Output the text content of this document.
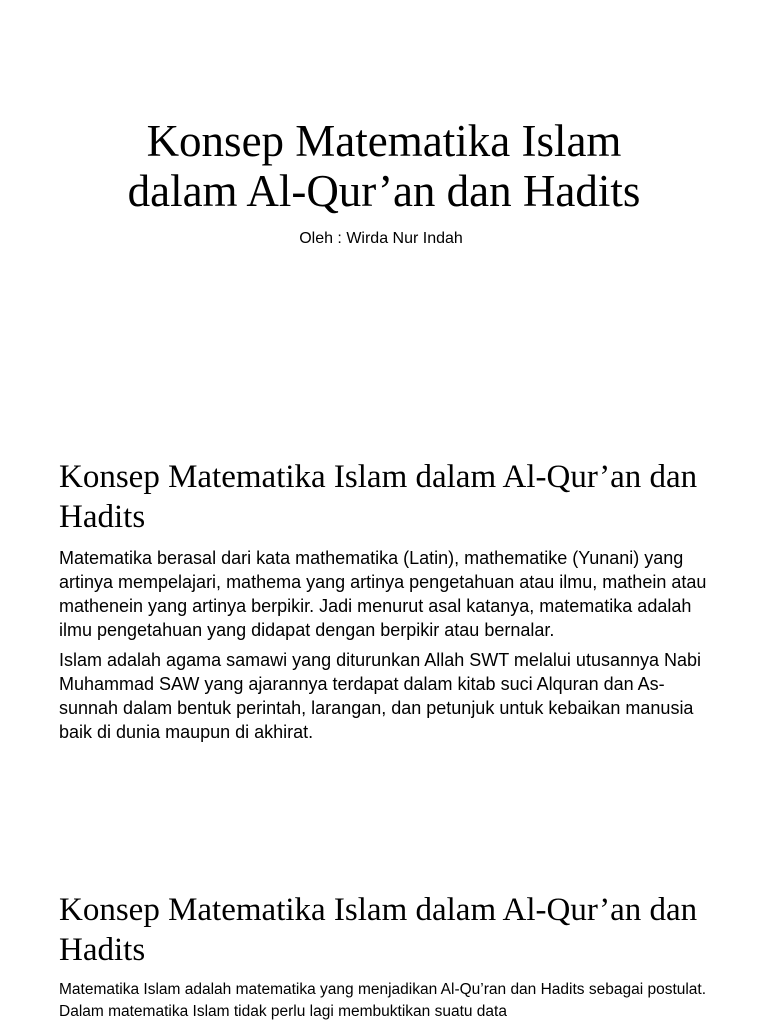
Konsep Matematika Islam
dalam Al-Qur’an dan Hadits

Oleh : Wirda Nur Indah

Konsep Matematika Islam dalam Al-Qur’an dan Hadits

Matematika berasal dari kata mathematika (Latin), mathematike (Yunani) yang artinya mempelajari, mathema yang artinya pengetahuan atau ilmu, mathein atau mathenein yang artinya berpikir. Jadi menurut asal katanya, matematika adalah ilmu pengetahuan yang didapat dengan berpikir atau bernalar.

Islam adalah agama samawi yang diturunkan Allah SWT melalui utusannya Nabi Muhammad SAW yang ajarannya terdapat dalam kitab suci Alquran dan As-sunnah dalam bentuk perintah, larangan, dan petunjuk untuk kebaikan manusia baik di dunia maupun di akhirat.

Konsep Matematika Islam dalam Al-Qur’an dan Hadits

Matematika Islam adalah matematika yang menjadikan Al-Qu’ran dan Hadits sebagai postulat. Dalam matematika Islam tidak perlu lagi membuktikan suatu data
